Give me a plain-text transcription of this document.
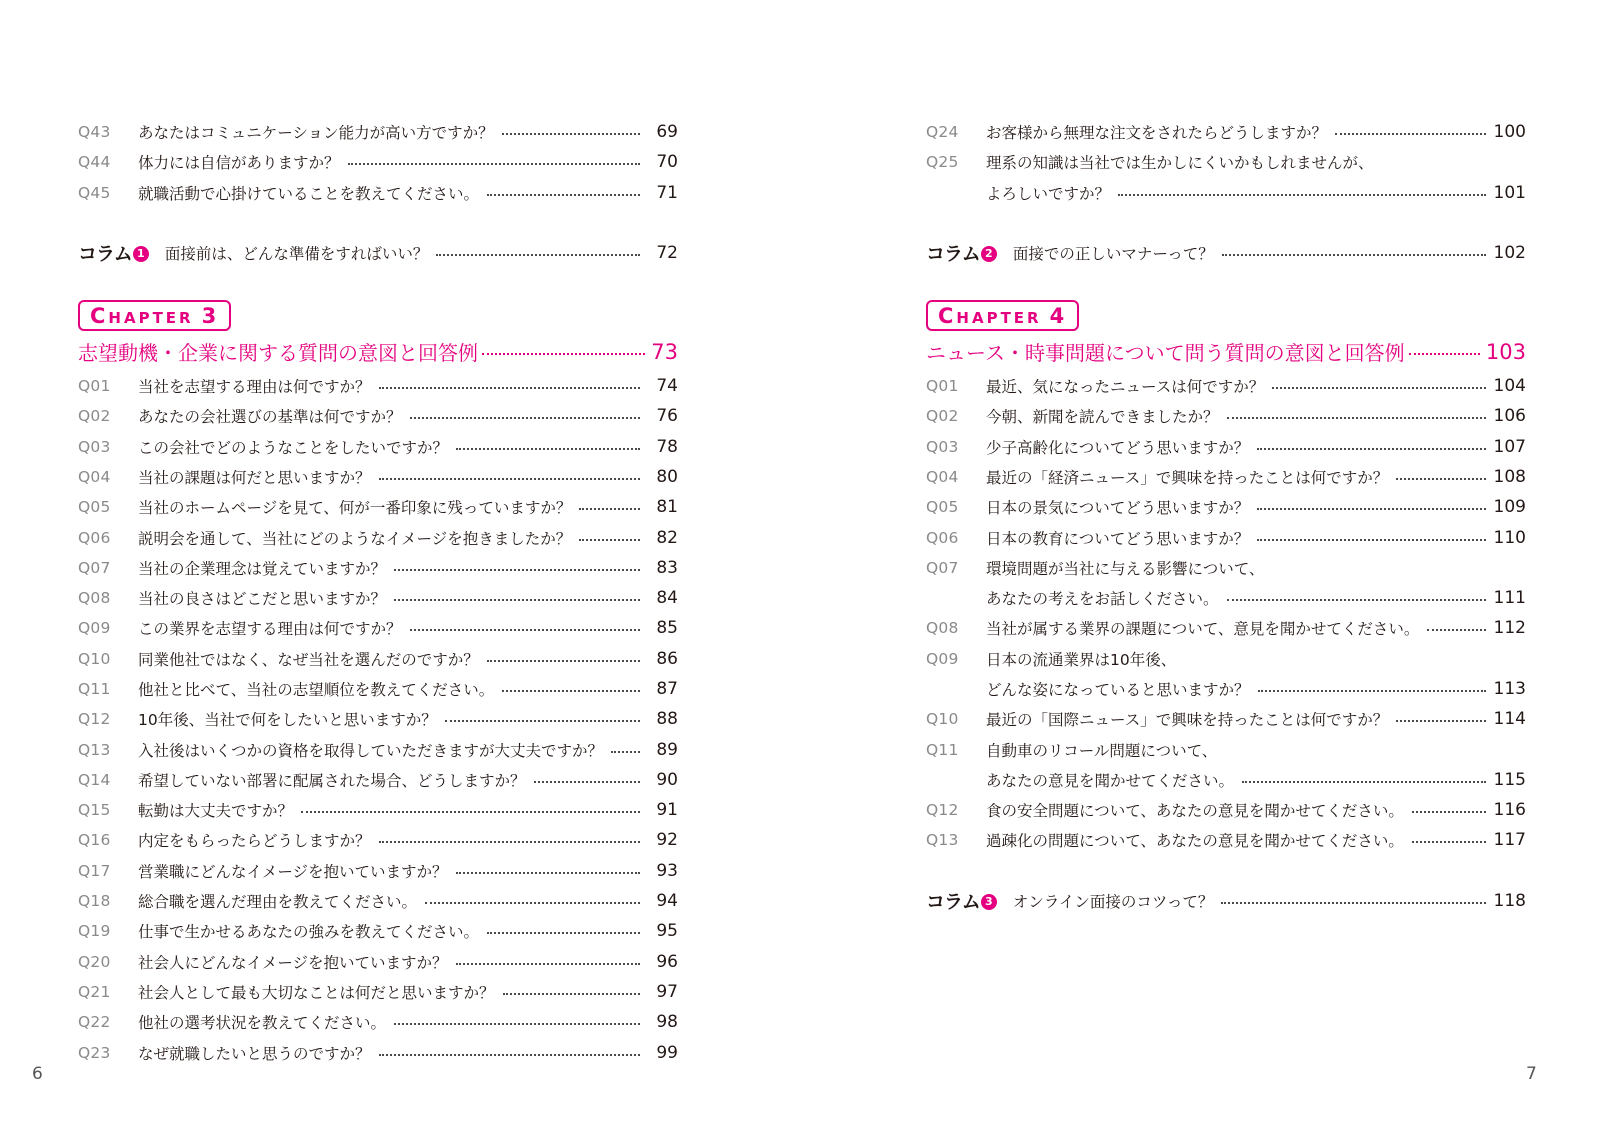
Q43	あなたはコミュニケーション能力が高い方ですか？	69
Q44	体力には自信がありますか？	70
Q45	就職活動で心掛けていることを教えてください。	71
コラム 1 面接前は、どんな準備をすればいい？	72
CHAPTER 3
志望動機・企業に関する質問の意図と回答例	73
Q01	当社を志望する理由は何ですか？	74
Q02	あなたの会社選びの基準は何ですか？	76
Q03	この会社でどのようなことをしたいですか？	78
Q04	当社の課題は何だと思いますか？	80
Q05	当社のホームページを見て、何が一番印象に残っていますか？	81
Q06	説明会を通して、当社にどのようなイメージを抱きましたか？	82
Q07	当社の企業理念は覚えていますか？	83
Q08	当社の良さはどこだと思いますか？	84
Q09	この業界を志望する理由は何ですか？	85
Q10	同業他社ではなく、なぜ当社を選んだのですか？	86
Q11	他社と比べて、当社の志望順位を教えてください。	87
Q12	10年後、当社で何をしたいと思いますか？	88
Q13	入社後はいくつかの資格を取得していただきますが大丈夫ですか？	89
Q14	希望していない部署に配属された場合、どうしますか？	90
Q15	転勤は大丈夫ですか？	91
Q16	内定をもらったらどうしますか？	92
Q17	営業職にどんなイメージを抱いていますか？	93
Q18	総合職を選んだ理由を教えてください。	94
Q19	仕事で生かせるあなたの強みを教えてください。	95
Q20	社会人にどんなイメージを抱いていますか？	96
Q21	社会人として最も大切なことは何だと思いますか？	97
Q22	他社の選考状況を教えてください。	98
Q23	なぜ就職したいと思うのですか？	99
6
Q24	お客様から無理な注文をされたらどうしますか？	100
Q25	理系の知識は当社では生かしにくいかもしれませんが、
よろしいですか？	101
コラム 2 面接での正しいマナーって？	102
CHAPTER 4
ニュース・時事問題について問う質問の意図と回答例	103
Q01	最近、気になったニュースは何ですか？	104
Q02	今朝、新聞を読んできましたか？	106
Q03	少子高齢化についてどう思いますか？	107
Q04	最近の「経済ニュース」で興味を持ったことは何ですか？	108
Q05	日本の景気についてどう思いますか？	109
Q06	日本の教育についてどう思いますか？	110
Q07	環境問題が当社に与える影響について、
あなたの考えをお話しください。	111
Q08	当社が属する業界の課題について、意見を聞かせてください。	112
Q09	日本の流通業界は10年後、
どんな姿になっていると思いますか？	113
Q10	最近の「国際ニュース」で興味を持ったことは何ですか？	114
Q11	自動車のリコール問題について、
あなたの意見を聞かせてください。	115
Q12	食の安全問題について、あなたの意見を聞かせてください。	116
Q13	過疎化の問題について、あなたの意見を聞かせてください。	117
コラム 3 オンライン面接のコツって？	118
7
